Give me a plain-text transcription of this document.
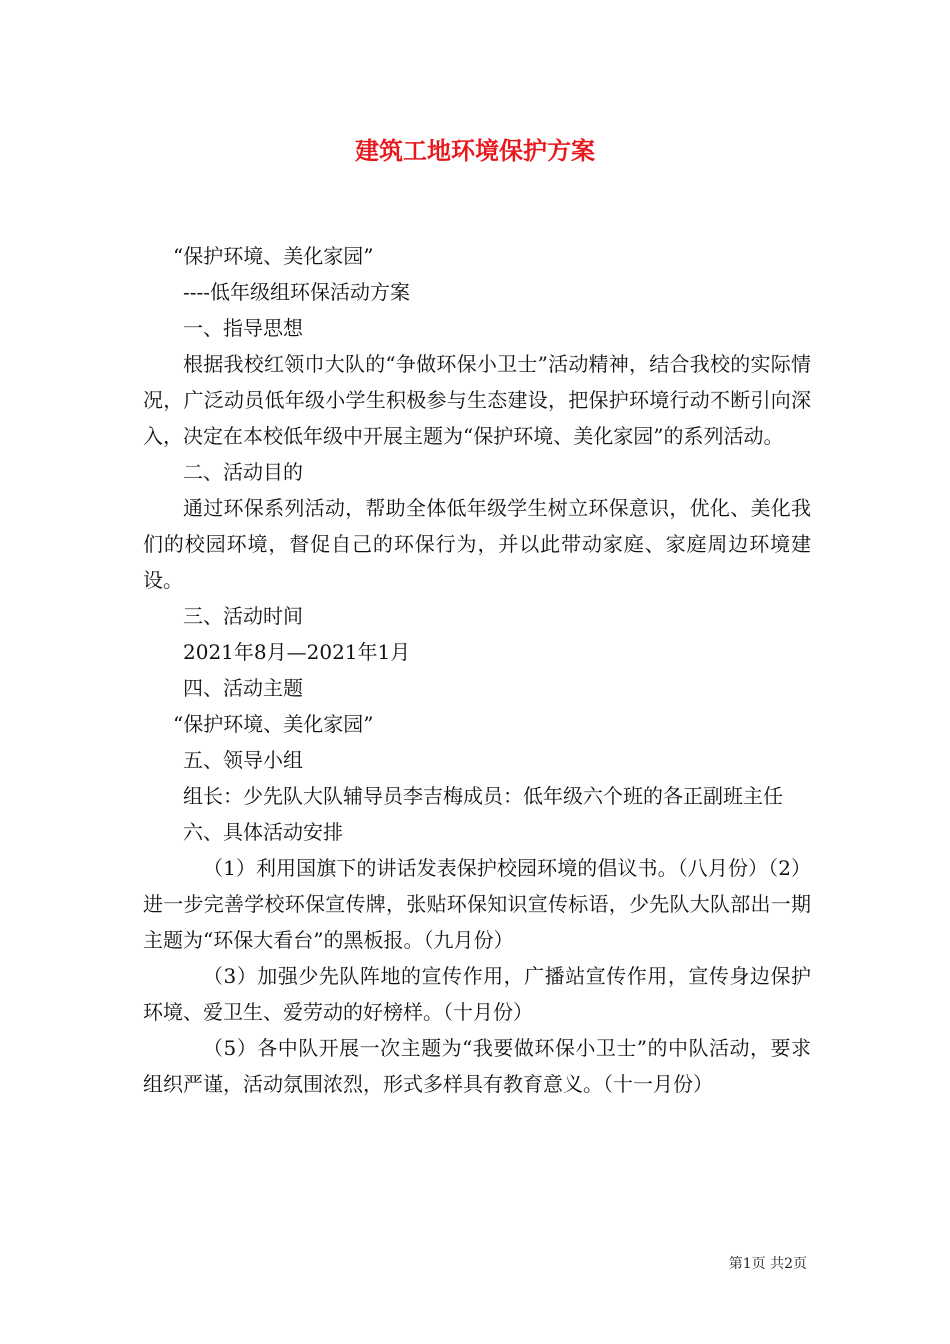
建筑工地环境保护方案

“保护环境、美化家园”

----低年级组环保活动方案

一、指导思想

根据我校红领巾大队的“争做环保小卫士”活动精神，结合我校的实际情况，广泛动员低年级小学生积极参与生态建设，把保护环境行动不断引向深入，决定在本校低年级中开展主题为“保护环境、美化家园”的系列活动。

二、活动目的

通过环保系列活动，帮助全体低年级学生树立环保意识，优化、美化我们的校园环境，督促自己的环保行为，并以此带动家庭、家庭周边环境建设。

三、活动时间

2021年8月—2021年1月

四、活动主题

“保护环境、美化家园”

五、领导小组

组长：少先队大队辅导员李吉梅成员：低年级六个班的各正副班主任

六、具体活动安排

（1）利用国旗下的讲话发表保护校园环境的倡议书。（八月份）（2）进一步完善学校环保宣传牌，张贴环保知识宣传标语，少先队大队部出一期主题为“环保大看台”的黑板报。（九月份）

（3）加强少先队阵地的宣传作用，广播站宣传作用，宣传身边保护环境、爱卫生、爱劳动的好榜样。（十月份）

（5）各中队开展一次主题为“我要做环保小卫士”的中队活动，要求组织严谨，活动氛围浓烈，形式多样具有教育意义。（十一月份）

第1页 共2页
